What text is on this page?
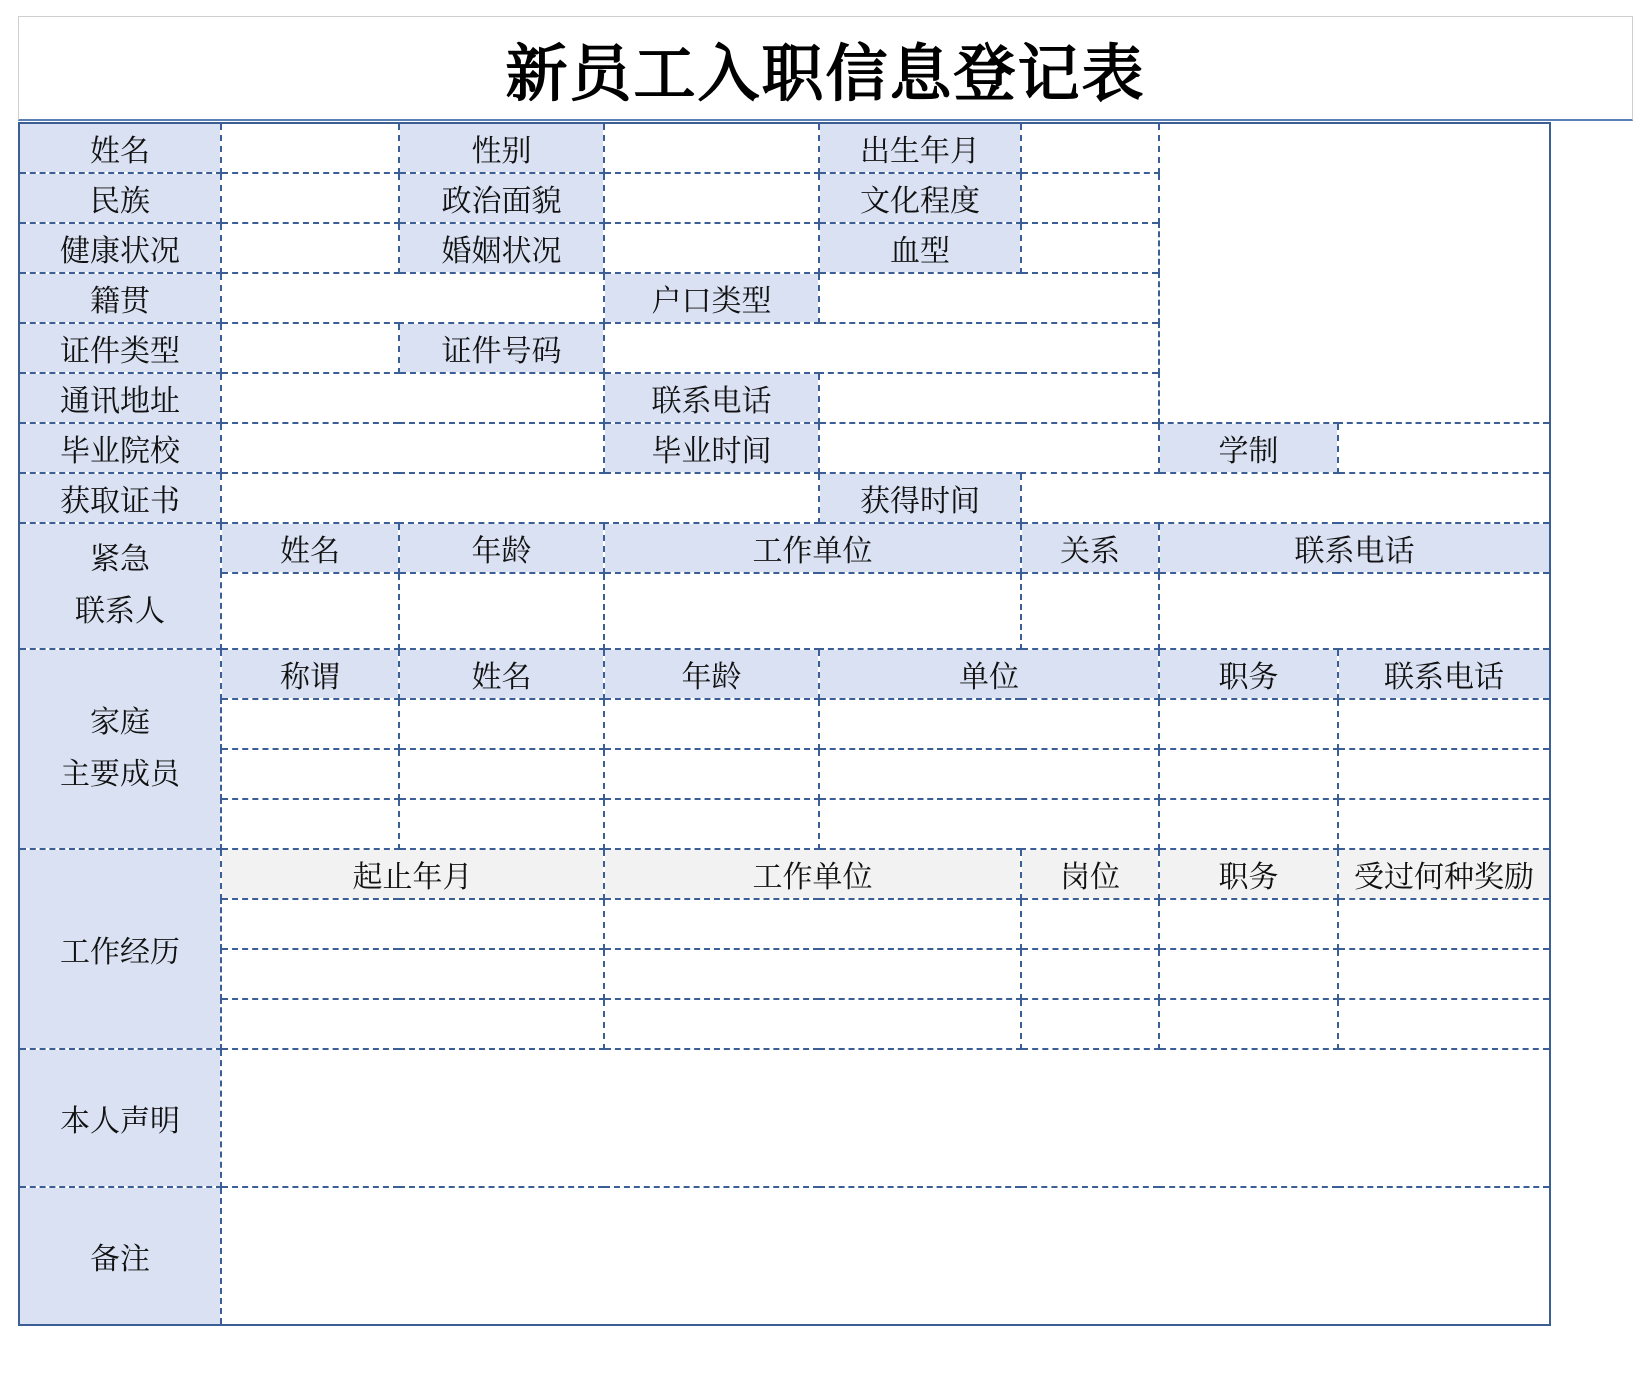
新员工入职信息登记表
姓名		性别		出生年月			
民族		政治面貌		文化程度			
健康状况		婚姻状况		血型			
籍贯			户口类型				
证件类型		证件号码					
通讯地址			联系电话				
毕业院校			毕业时间			学制	
获取证书				获得时间			

紧急
联系人	姓名	年龄	工作单位		关系	联系电话	

家庭
主要成员	称谓	姓名	年龄	单位		职务	联系电话

工作经历	起止年月		工作单位		岗位	职务	受过何种奖励

本人声明							
备注							
